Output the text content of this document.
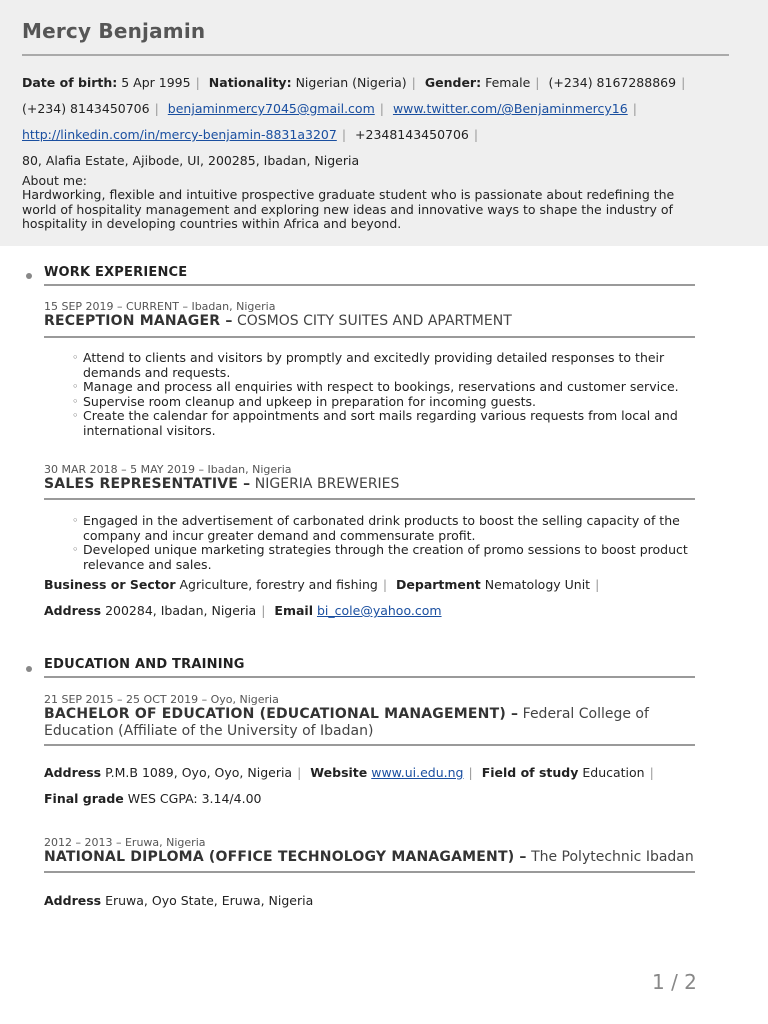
Mercy Benjamin
Date of birth: 5 Apr 1995 | Nationality: Nigerian (Nigeria) | Gender: Female | (+234) 8167288869 |
(+234) 8143450706 | benjaminmercy7045@gmail.com | www.twitter.com/@Benjaminmercy16 |
http://linkedin.com/in/mercy-benjamin-8831a3207 | +2348143450706 |
80, Alafia Estate, Ajibode, UI, 200285, Ibadan, Nigeria
About me:
Hardworking, flexible and intuitive prospective graduate student who is passionate about redefining the world of hospitality management and exploring new ideas and innovative ways to shape the industry of hospitality in developing countries within Africa and beyond.
WORK EXPERIENCE
15 SEP 2019 – CURRENT – Ibadan, Nigeria
RECEPTION MANAGER – COSMOS CITY SUITES AND APARTMENT
◦ Attend to clients and visitors by promptly and excitedly providing detailed responses to their demands and requests.
◦ Manage and process all enquiries with respect to bookings, reservations and customer service.
◦ Supervise room cleanup and upkeep in preparation for incoming guests.
◦ Create the calendar for appointments and sort mails regarding various requests from local and international visitors.
30 MAR 2018 – 5 MAY 2019 – Ibadan, Nigeria
SALES REPRESENTATIVE – NIGERIA BREWERIES
◦ Engaged in the advertisement of carbonated drink products to boost the selling capacity of the company and incur greater demand and commensurate profit.
◦ Developed unique marketing strategies through the creation of promo sessions to boost product relevance and sales.
Business or Sector Agriculture, forestry and fishing | Department Nematology Unit |
Address 200284, Ibadan, Nigeria | Email bi_cole@yahoo.com
EDUCATION AND TRAINING
21 SEP 2015 – 25 OCT 2019 – Oyo, Nigeria
BACHELOR OF EDUCATION (EDUCATIONAL MANAGEMENT) – Federal College of Education (Affiliate of the University of Ibadan)
Address P.M.B 1089, Oyo, Oyo, Nigeria | Website www.ui.edu.ng | Field of study Education |
Final grade WES CGPA: 3.14/4.00
2012 – 2013 – Eruwa, Nigeria
NATIONAL DIPLOMA (OFFICE TECHNOLOGY MANAGAMENT) – The Polytechnic Ibadan
Address Eruwa, Oyo State, Eruwa, Nigeria
1 / 2
